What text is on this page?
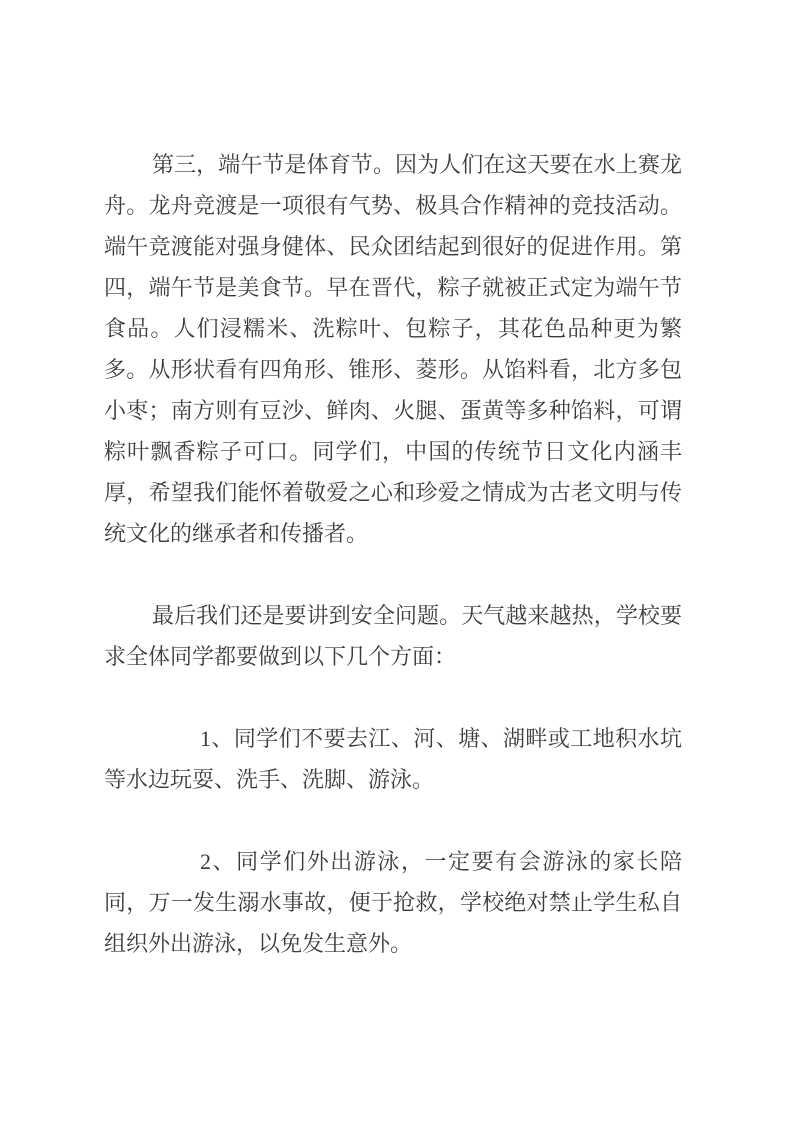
第三，端午节是体育节。因为人们在这天要在水上赛龙舟。龙舟竞渡是一项很有气势、极具合作精神的竞技活动。端午竞渡能对强身健体、民众团结起到很好的促进作用。第四，端午节是美食节。早在晋代，粽子就被正式定为端午节食品。人们浸糯米、洗粽叶、包粽子，其花色品种更为繁多。从形状看有四角形、锥形、菱形。从馅料看，北方多包小枣；南方则有豆沙、鲜肉、火腿、蛋黄等多种馅料，可谓粽叶飘香粽子可口。同学们，中国的传统节日文化内涵丰厚，希望我们能怀着敬爱之心和珍爱之情成为古老文明与传统文化的继承者和传播者。

最后我们还是要讲到安全问题。天气越来越热，学校要求全体同学都要做到以下几个方面：

1、同学们不要去江、河、塘、湖畔或工地积水坑等水边玩耍、洗手、洗脚、游泳。

2、同学们外出游泳，一定要有会游泳的家长陪同，万一发生溺水事故，便于抢救，学校绝对禁止学生私自组织外出游泳，以免发生意外。
